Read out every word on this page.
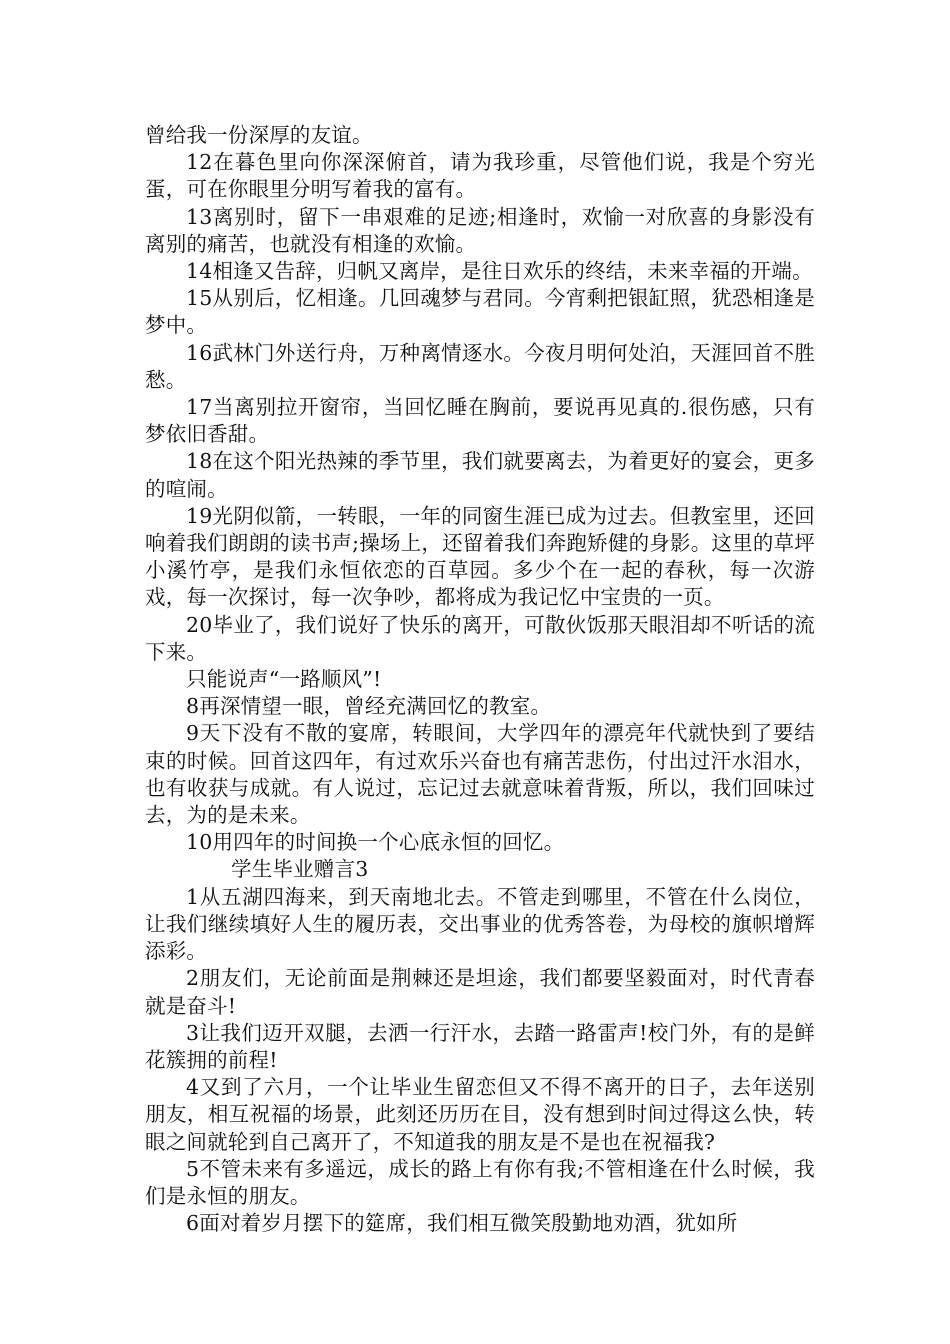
曾给我一份深厚的友谊。

12在暮色里向你深深俯首，请为我珍重，尽管他们说，我是个穷光蛋，可在你眼里分明写着我的富有。

13离别时，留下一串艰难的足迹;相逢时，欢愉一对欣喜的身影没有离别的痛苦，也就没有相逢的欢愉。

14相逢又告辞，归帆又离岸，是往日欢乐的终结，未来幸福的开端。

15从别后，忆相逢。几回魂梦与君同。今宵剩把银缸照，犹恐相逢是梦中。

16武林门外送行舟，万种离情逐水。今夜月明何处泊，天涯回首不胜愁。

17当离别拉开窗帘，当回忆睡在胸前，要说再见真的.很伤感，只有梦依旧香甜。

18在这个阳光热辣的季节里，我们就要离去，为着更好的宴会，更多的喧闹。

19光阴似箭，一转眼，一年的同窗生涯已成为过去。但教室里，还回响着我们朗朗的读书声;操场上，还留着我们奔跑矫健的身影。这里的草坪小溪竹亭，是我们永恒依恋的百草园。多少个在一起的春秋，每一次游戏，每一次探讨，每一次争吵，都将成为我记忆中宝贵的一页。

20毕业了，我们说好了快乐的离开，可散伙饭那天眼泪却不听话的流下来。

只能说声“一路顺风”!

8再深情望一眼，曾经充满回忆的教室。

9天下没有不散的宴席，转眼间，大学四年的漂亮年代就快到了要结束的时候。回首这四年，有过欢乐兴奋也有痛苦悲伤，付出过汗水泪水，也有收获与成就。有人说过，忘记过去就意味着背叛，所以，我们回味过去，为的是未来。

10用四年的时间换一个心底永恒的回忆。

学生毕业赠言3

1从五湖四海来，到天南地北去。不管走到哪里，不管在什么岗位，让我们继续填好人生的履历表，交出事业的优秀答卷，为母校的旗帜增辉添彩。

2朋友们，无论前面是荆棘还是坦途，我们都要坚毅面对，时代青春就是奋斗!

3让我们迈开双腿，去洒一行汗水，去踏一路雷声!校门外，有的是鲜花簇拥的前程!

4又到了六月，一个让毕业生留恋但又不得不离开的日子，去年送别朋友，相互祝福的场景，此刻还历历在目，没有想到时间过得这么快，转眼之间就轮到自己离开了，不知道我的朋友是不是也在祝福我?

5不管未来有多遥远，成长的路上有你有我;不管相逢在什么时候，我们是永恒的朋友。

6面对着岁月摆下的筵席，我们相互微笑殷勤地劝酒，犹如所
